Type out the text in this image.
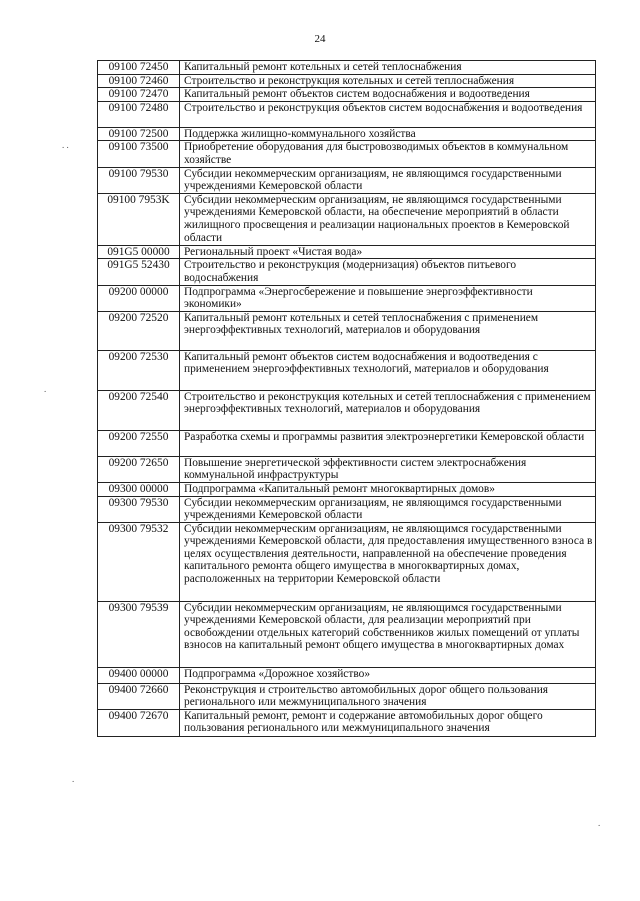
24
. .
.
.
.
09100 72450	Капитальный ремонт котельных и сетей теплоснабжения
09100 72460	Строительство и реконструкция котельных и сетей теплоснабжения
09100 72470	Капитальный ремонт объектов систем водоснабжения и водоотведения
09100 72480	Строительство и реконструкция объектов систем водоснабжения и водоотведения
09100 72500	Поддержка жилищно-коммунального хозяйства
09100 73500	Приобретение оборудования для быстровозводимых объектов в коммунальном хозяйстве
09100 79530	Субсидии некоммерческим организациям, не являющимся государственными учреждениями Кемеровской области
09100 7953K	Субсидии некоммерческим организациям, не являющимся государственными учреждениями Кемеровской области, на обеспечение мероприятий в области жилищного просвещения и реализации национальных проектов в Кемеровской области
091G5 00000	Региональный проект «Чистая вода»
091G5 52430	Строительство и реконструкция (модернизация) объектов питьевого водоснабжения
09200 00000	Подпрограмма «Энергосбережение и повышение энергоэффективности экономики»
09200 72520	Капитальный ремонт котельных и сетей теплоснабжения с применением энергоэффективных технологий, материалов и оборудования
09200 72530	Капитальный ремонт объектов систем водоснабжения и водоотведения с применением энергоэффективных технологий, материалов и оборудования
09200 72540	Строительство и реконструкция котельных и сетей теплоснабжения с применением энергоэффективных технологий, материалов и оборудования
09200 72550	Разработка схемы и программы развития электроэнергетики Кемеровской области
09200 72650	Повышение энергетической эффективности систем электроснабжения коммунальной инфраструктуры
09300 00000	Подпрограмма «Капитальный ремонт многоквартирных домов»
09300 79530	Субсидии некоммерческим организациям, не являющимся государственными учреждениями Кемеровской области
09300 79532	Субсидии некоммерческим организациям, не являющимся государственными учреждениями Кемеровской области, для предоставления имущественного взноса в целях осуществления деятельности, направленной на обеспечение проведения капитального ремонта общего имущества в многоквартирных домах, расположенных на территории Кемеровской области
09300 79539	Субсидии некоммерческим организациям, не являющимся государственными учреждениями Кемеровской области, для реализации мероприятий при освобождении отдельных категорий собственников жилых помещений от уплаты взносов на капитальный ремонт общего имущества в многоквартирных домах
09400 00000	Подпрограмма «Дорожное хозяйство»
09400 72660	Реконструкция и строительство автомобильных дорог общего пользования регионального или межмуниципального значения
09400 72670	Капитальный ремонт, ремонт и содержание автомобильных дорог общего пользования регионального или межмуниципального значения
